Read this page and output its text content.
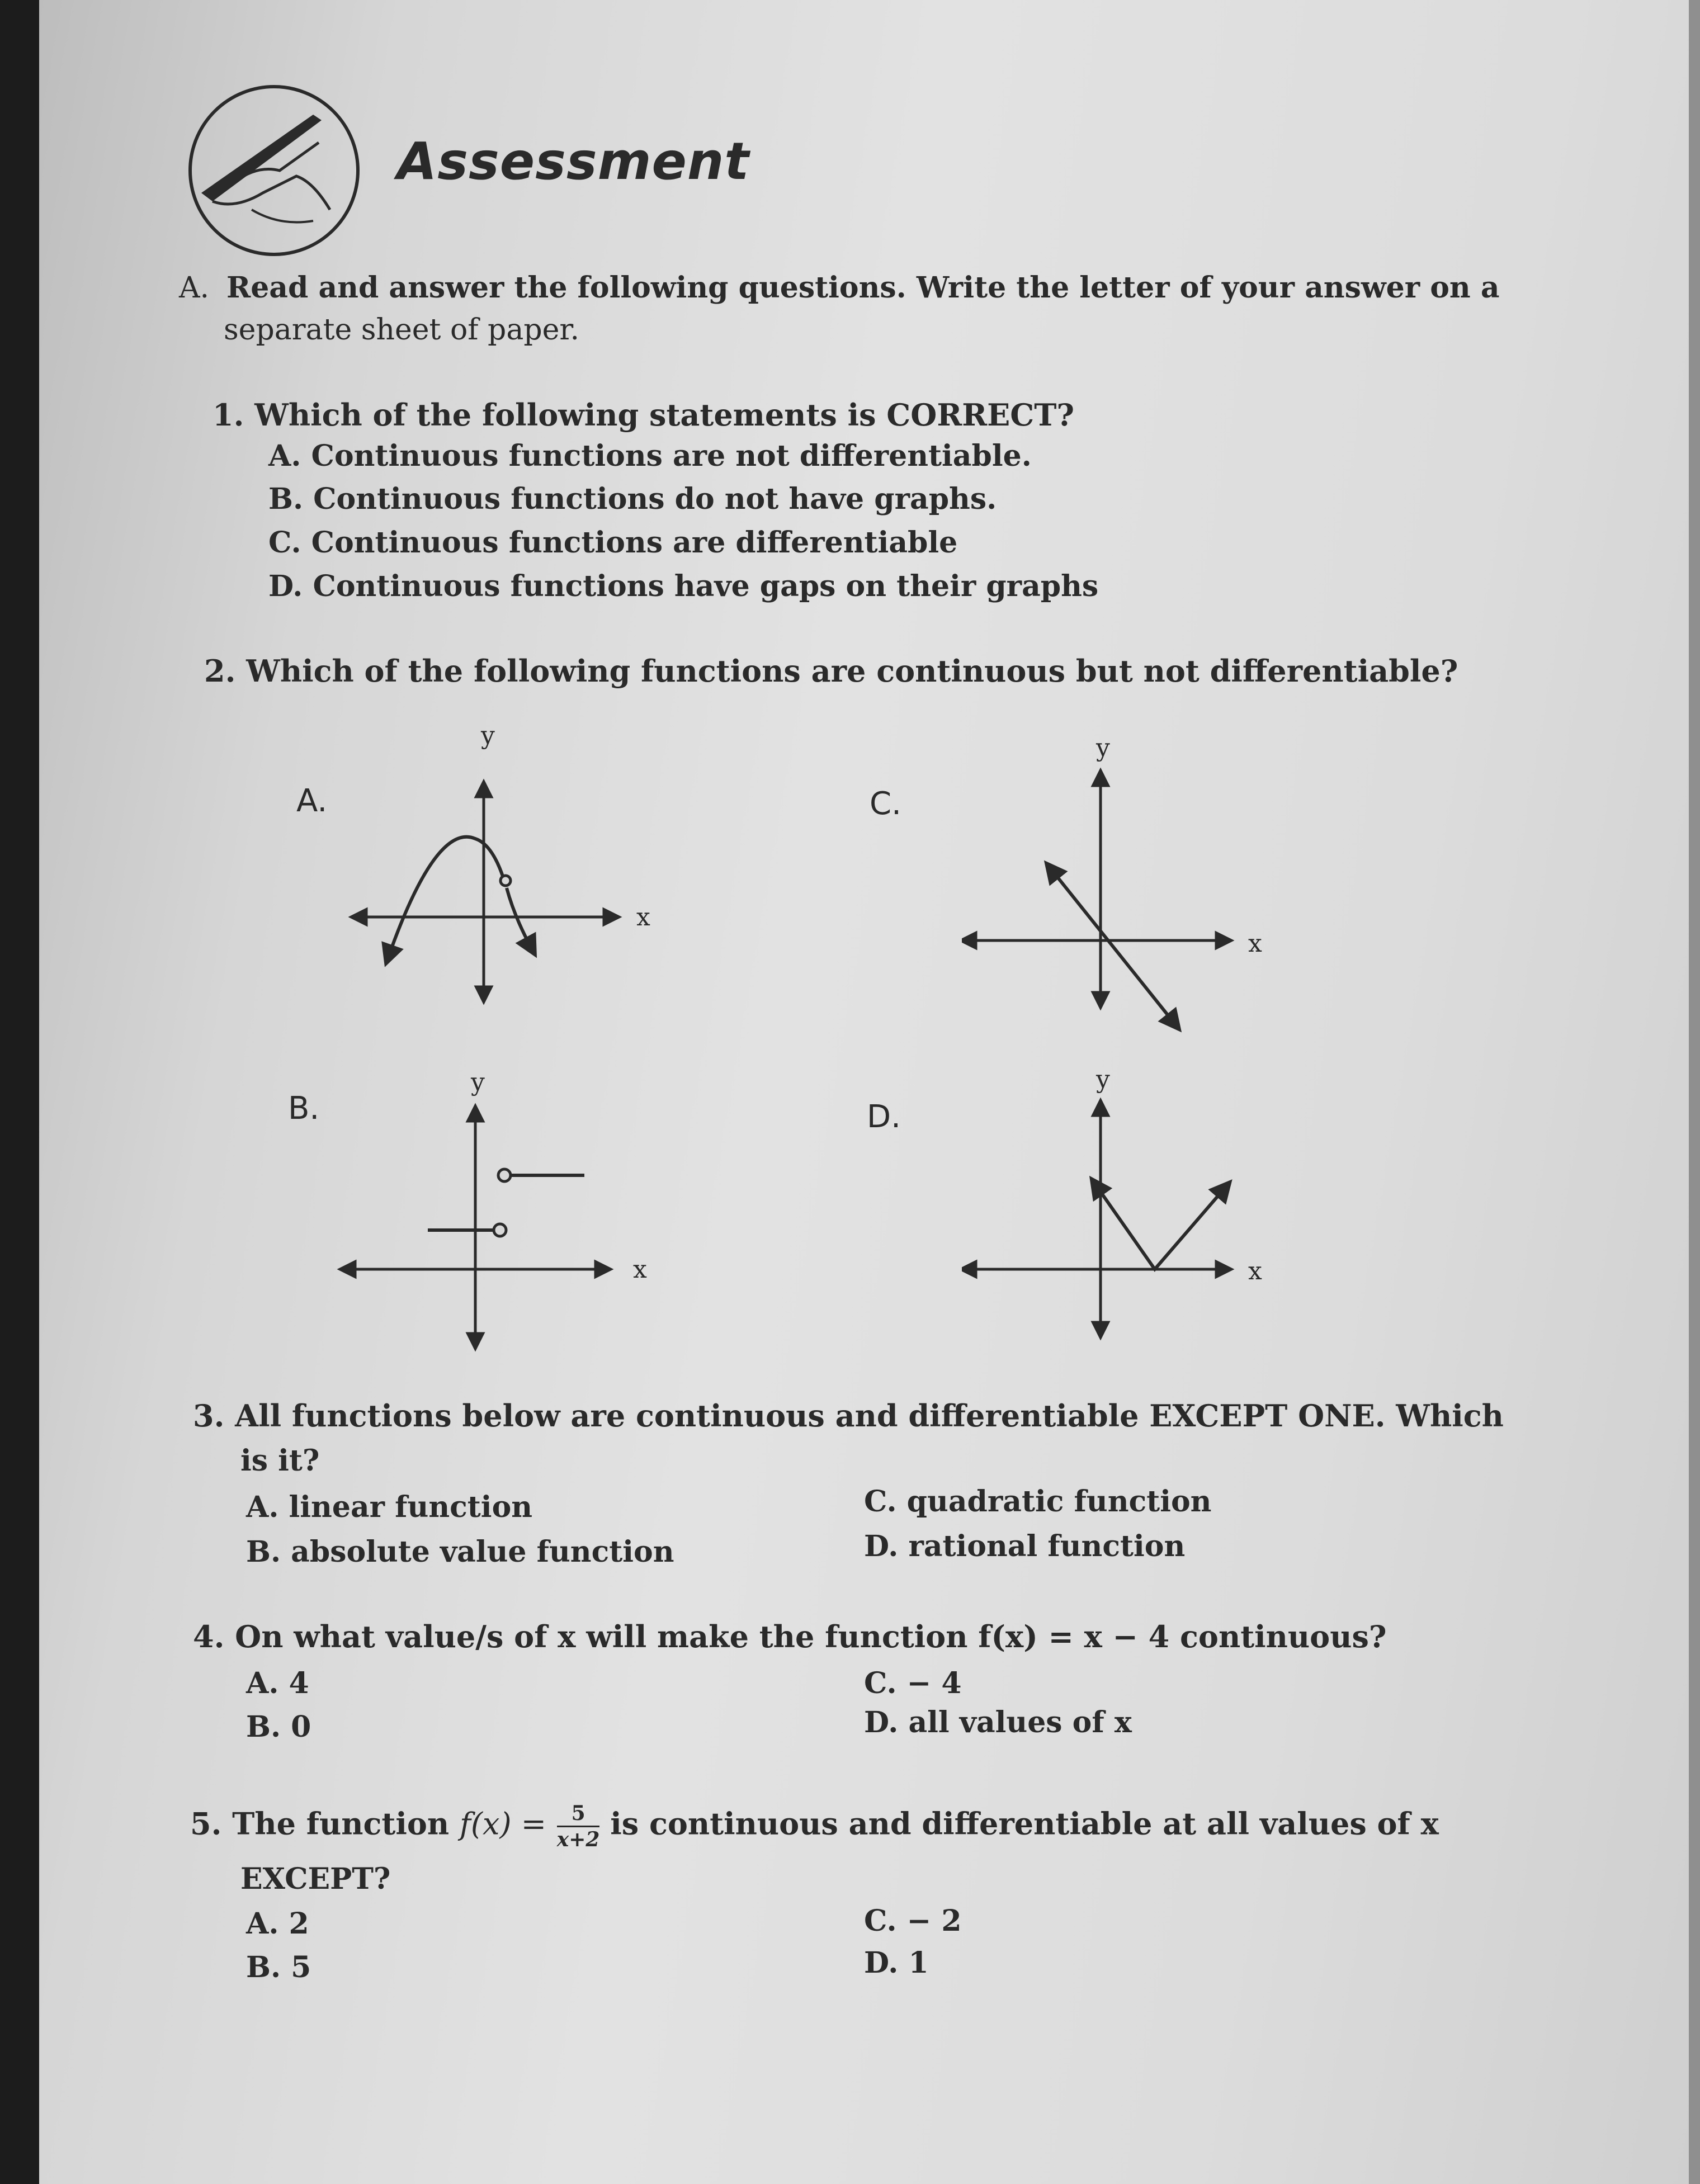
Assessment
A. Read and answer the following questions. Write the letter of your answer on a
separate sheet of paper.
1. Which of the following statements is CORRECT?
A. Continuous functions are not differentiable.
B. Continuous functions do not have graphs.
C. Continuous functions are differentiable
D. Continuous functions have gaps on their graphs
2. Which of the following functions are continuous but not differentiable?
A.	C.
B.	D.
y
x
y
x
y
x
y
x
3. All functions below are continuous and differentiable EXCEPT ONE. Which
is it?
A. linear function
B. absolute value function
C. quadratic function
D. rational function
4. On what value/s of x will make the function f(x) = x − 4 continuous?
A. 4
B. 0
C. − 4
D. all values of x
5. The function $f(x) = \frac{5}{x+2}$ is continuous and differentiable at all values of x
EXCEPT?
A. 2
B. 5
C. − 2
D. 1
